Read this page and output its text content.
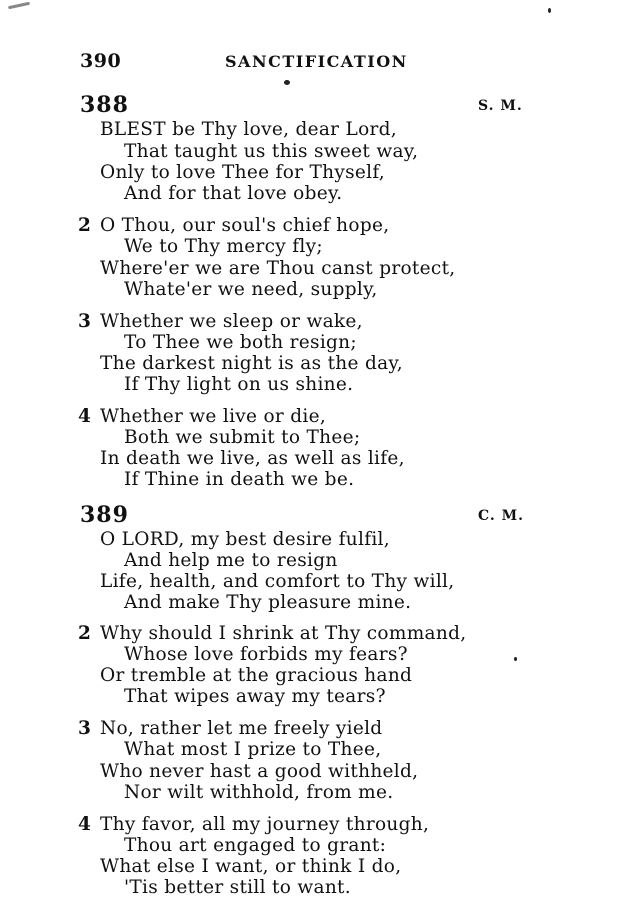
390	SANCTIFICATION
388	S. M.
BLEST be Thy love, dear Lord,
That taught us this sweet way,
Only to love Thee for Thyself,
And for that love obey.
2 O Thou, our soul's chief hope,
We to Thy mercy fly;
Where'er we are Thou canst protect,
Whate'er we need, supply,
3 Whether we sleep or wake,
To Thee we both resign;
The darkest night is as the day,
If Thy light on us shine.
4 Whether we live or die,
Both we submit to Thee;
In death we live, as well as life,
If Thine in death we be.
389	C. M.
O LORD, my best desire fulfil,
And help me to resign
Life, health, and comfort to Thy will,
And make Thy pleasure mine.
2 Why should I shrink at Thy command,
Whose love forbids my fears?
Or tremble at the gracious hand
That wipes away my tears?
3 No, rather let me freely yield
What most I prize to Thee,
Who never hast a good withheld,
Nor wilt withhold, from me.
4 Thy favor, all my journey through,
Thou art engaged to grant:
What else I want, or think I do,
'Tis better still to want.
